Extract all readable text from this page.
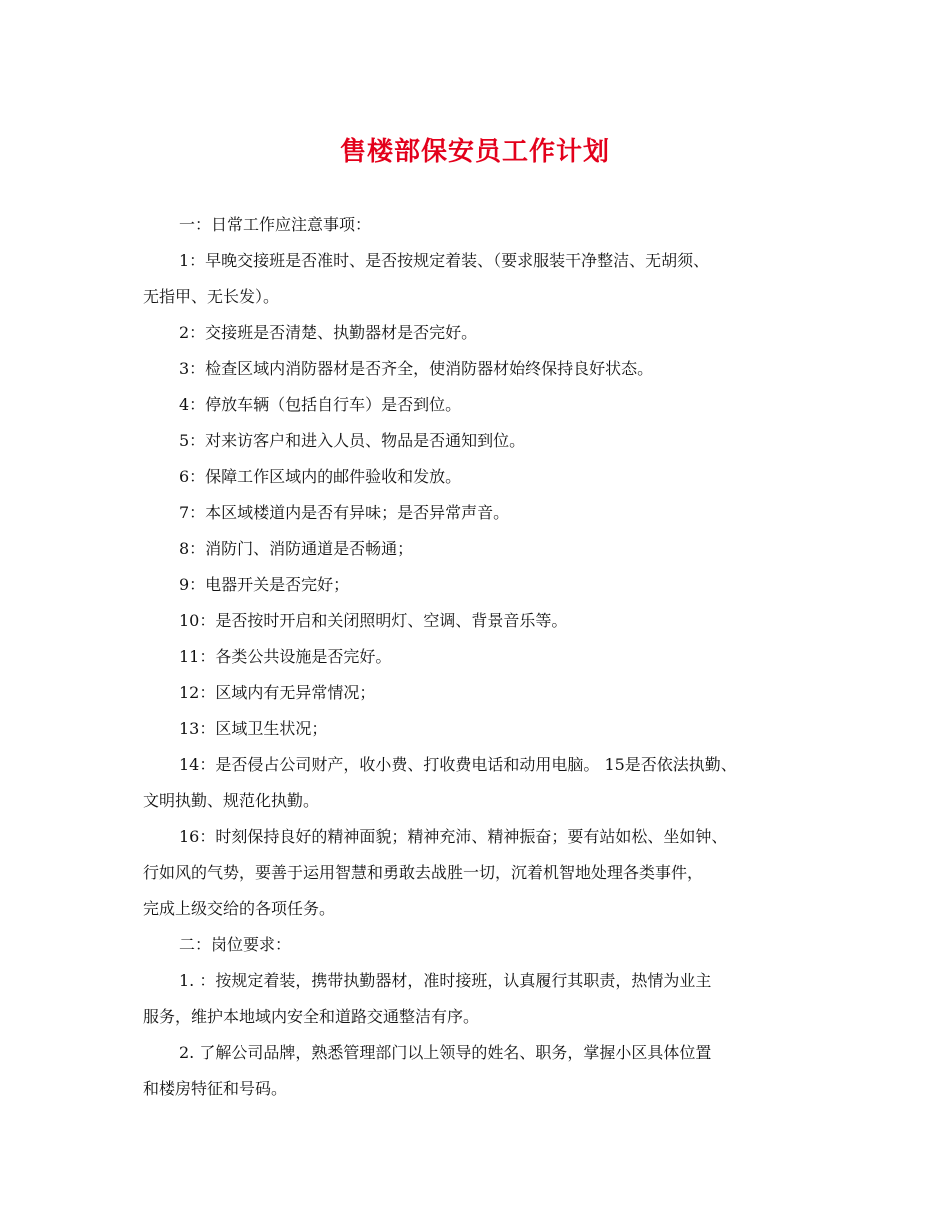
售楼部保安员工作计划
一：日常工作应注意事项：
1：早晚交接班是否准时、是否按规定着装、（要求服装干净整洁、无胡须、
无指甲、无长发）。
2：交接班是否清楚、执勤器材是否完好。
3：检查区域内消防器材是否齐全，使消防器材始终保持良好状态。
4：停放车辆（包括自行车）是否到位。
5：对来访客户和进入人员、物品是否通知到位。
6：保障工作区域内的邮件验收和发放。
7：本区域楼道内是否有异味；是否异常声音。
8：消防门、消防通道是否畅通；
9：电器开关是否完好；
10：是否按时开启和关闭照明灯、空调、背景音乐等。
11：各类公共设施是否完好。
12：区域内有无异常情况；
13：区域卫生状况；
14：是否侵占公司财产，收小费、打收费电话和动用电脑。 15是否依法执勤、
文明执勤、规范化执勤。
16：时刻保持良好的精神面貌；精神充沛、精神振奋；要有站如松、坐如钟、
行如风的气势，要善于运用智慧和勇敢去战胜一切，沉着机智地处理各类事件，
完成上级交给的各项任务。
二：岗位要求：
1. ：按规定着装，携带执勤器材，准时接班，认真履行其职责，热情为业主
服务，维护本地域内安全和道路交通整洁有序。
2. 了解公司品牌，熟悉管理部门以上领导的姓名、职务，掌握小区具体位置
和楼房特征和号码。
